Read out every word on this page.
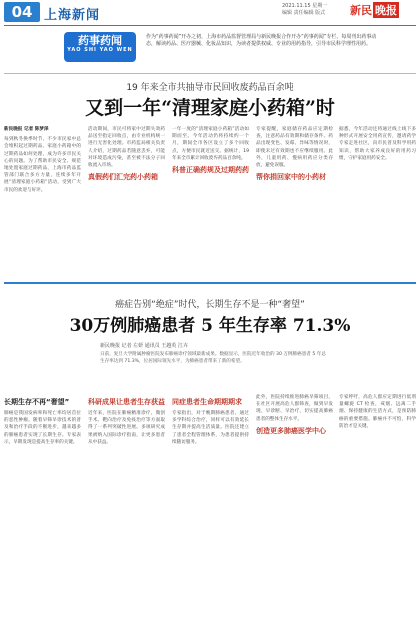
04 上海新闻
2021.11.15 星期一
编辑 责任编辑 版式 新民 晚报
药事药闻
YAO SHI YAO WEN
作为“药事药闻”开办之初，上海市药品监督管理局与新民晚报合作开办“药事药闻”专栏，每周刊出药事动态，解读药品、医疗器械、化妆品知识，为读者提供权威、专业的用药指导，引导市民科学理性用药。
19 年来全市共抽导市民回收废药品百余吨
又到一年“清理家庭小药箱”时
新民晚报 记者 陈梦泽

每到秋冬换季时节，不少市民家中总会堆积起过期药品。家庭小药箱中的过期药品如何处理，成为许多市民关心的问题。为了帮助市民安全、规范地处置家庭过期药品，上海市药品监管部门联合多方力量，连续多年开展“清理家庭小药箱”活动，受到广大市民的欢迎与好评。

活动期间，市民可将家中过期失效药品送至指定回收点，由专业机构统一进行无害化处理。市药监局相关负责人介绍，过期药品若随意丢弃，可能对环境造成污染，甚至被不法分子回收流入市场。

真假药们汇完药小药箱

一年一度的“清理家庭小药箱”活动如期而至。今年活动仍将持续约一个月，期间全市各区设立了多个回收点，方便市民就近送交。据统计，19 年来全市累计回收废弃药品百余吨。

科普正确药规及过期药药

专家提醒，家庭储存药品应定期检查，注意药品有效期和储存条件。药品出现变色、发霉、异味等情况时，即使未过有效期也不应继续服用。此外，儿童用药、慢病用药应分类存放，避免误服。

帮你捐回家中的小药材

据悉，今年活动还将通过线上线下多种形式开展安全用药宣传，邀请药学专家走进社区，向市民普及科学用药知识，帮助大家养成良好的用药习惯，守护家庭用药安全。

癌症告别“绝症”时代，长期生存不是一种“奢望”
30万例肺癌患者 5 年生存率 71.3%
新民晚报 记者 左妍 通讯员 王越英 江卉
日前，复旦大学附属肿瘤医院发布肺癌诊疗领域最新成果。数据显示，医院近年收治的 30 万例肺癌患者 5 年总生存率达到 71.3%，位居国际领先水平，为肺癌患者带来了新的希望。
长期生存不再“奢望”

肺癌是我国发病率和死亡率均居首位的恶性肿瘤。随着早筛早诊技术的普及和治疗手段的不断进步，越来越多的肺癌患者实现了长期生存。专家表示，早期发现是提高生存率的关键。

科研成果让患者生存获益

近年来，医院在肺癌精准诊疗、微创手术、靶向治疗及免疫治疗等方面取得了一系列突破性进展。多项研究成果被纳入国际诊疗指南，让更多患者从中获益。

同症患者生命期期期求

专家指出，对于晚期肺癌患者，通过多学科综合治疗，同样可以有效延长生存期并提高生活质量。医院还建立了患者全程管理体系，为患者提供持续随访服务。

此外，医院持续推进肺癌早筛项目，在社区开展高危人群筛查，做到早发现、早诊断、早治疗，切实提高肺癌患者的整体生存水平。

创造更多肺癌医学中心

专家呼吁，高危人群应定期进行低剂量螺旋 CT 检查，戒烟、远离二手烟、保持健康的生活方式，是预防肺癌的重要措施。肺癌并不可怕，科学防治才是关键。
